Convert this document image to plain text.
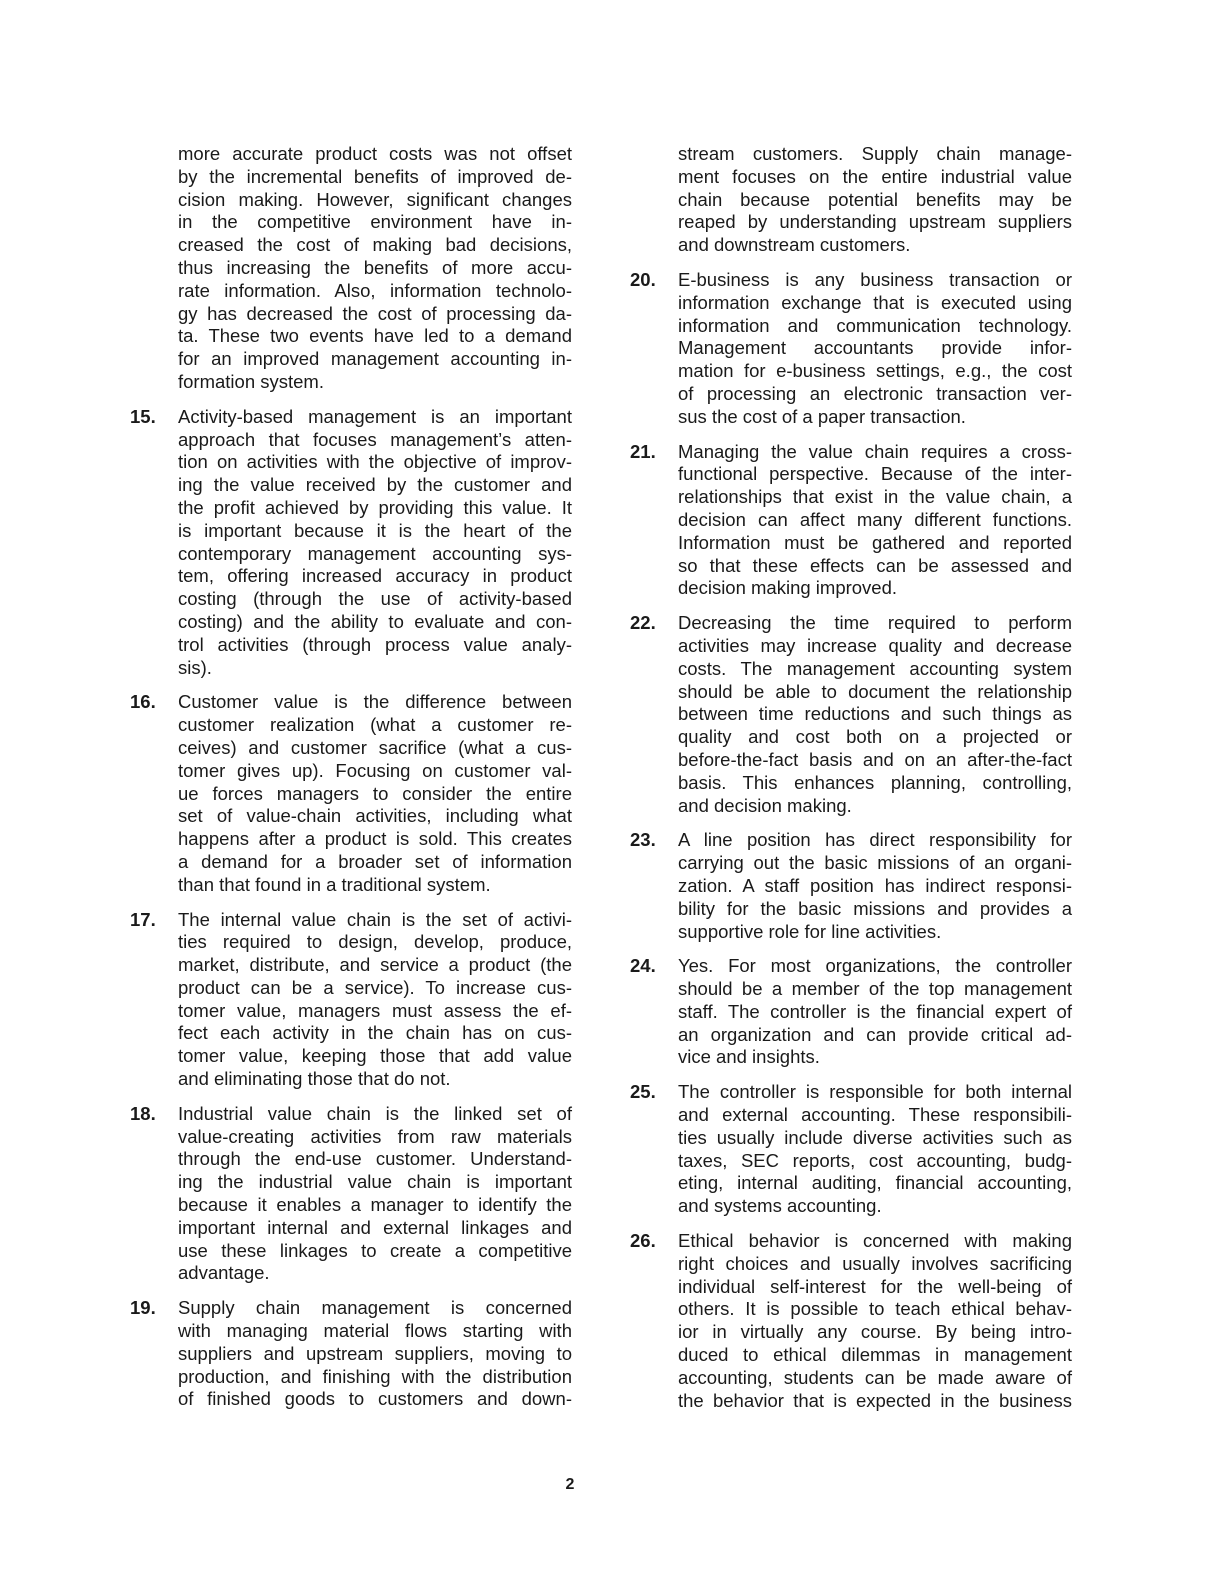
more accurate product costs was not offset
by the incremental benefits of improved de-
cision making. However, significant changes
in the competitive environment have in-
creased the cost of making bad decisions,
thus increasing the benefits of more accu-
rate information. Also, information technolo-
gy has decreased the cost of processing da-
ta. These two events have led to a demand
for an improved management accounting in-
formation system.
15. Activity-based management is an important
approach that focuses management’s atten-
tion on activities with the objective of improv-
ing the value received by the customer and
the profit achieved by providing this value. It
is important because it is the heart of the
contemporary management accounting sys-
tem, offering increased accuracy in product
costing (through the use of activity-based
costing) and the ability to evaluate and con-
trol activities (through process value analy-
sis).
16. Customer value is the difference between
customer realization (what a customer re-
ceives) and customer sacrifice (what a cus-
tomer gives up). Focusing on customer val-
ue forces managers to consider the entire
set of value-chain activities, including what
happens after a product is sold. This creates
a demand for a broader set of information
than that found in a traditional system.
17. The internal value chain is the set of activi-
ties required to design, develop, produce,
market, distribute, and service a product (the
product can be a service). To increase cus-
tomer value, managers must assess the ef-
fect each activity in the chain has on cus-
tomer value, keeping those that add value
and eliminating those that do not.
18. Industrial value chain is the linked set of
value-creating activities from raw materials
through the end-use customer. Understand-
ing the industrial value chain is important
because it enables a manager to identify the
important internal and external linkages and
use these linkages to create a competitive
advantage.
19. Supply chain management is concerned
with managing material flows starting with
suppliers and upstream suppliers, moving to
production, and finishing with the distribution
of finished goods to customers and down-
stream customers. Supply chain manage-
ment focuses on the entire industrial value
chain because potential benefits may be
reaped by understanding upstream suppliers
and downstream customers.
20. E-business is any business transaction or
information exchange that is executed using
information and communication technology.
Management accountants provide infor-
mation for e-business settings, e.g., the cost
of processing an electronic transaction ver-
sus the cost of a paper transaction.
21. Managing the value chain requires a cross-
functional perspective. Because of the inter-
relationships that exist in the value chain, a
decision can affect many different functions.
Information must be gathered and reported
so that these effects can be assessed and
decision making improved.
22. Decreasing the time required to perform
activities may increase quality and decrease
costs. The management accounting system
should be able to document the relationship
between time reductions and such things as
quality and cost both on a projected or
before-the-fact basis and on an after-the-fact
basis. This enhances planning, controlling,
and decision making.
23. A line position has direct responsibility for
carrying out the basic missions of an organi-
zation. A staff position has indirect responsi-
bility for the basic missions and provides a
supportive role for line activities.
24. Yes. For most organizations, the controller
should be a member of the top management
staff. The controller is the financial expert of
an organization and can provide critical ad-
vice and insights.
25. The controller is responsible for both internal
and external accounting. These responsibili-
ties usually include diverse activities such as
taxes, SEC reports, cost accounting, budg-
eting, internal auditing, financial accounting,
and systems accounting.
26. Ethical behavior is concerned with making
right choices and usually involves sacrificing
individual self-interest for the well-being of
others. It is possible to teach ethical behav-
ior in virtually any course. By being intro-
duced to ethical dilemmas in management
accounting, students can be made aware of
the behavior that is expected in the business
2
